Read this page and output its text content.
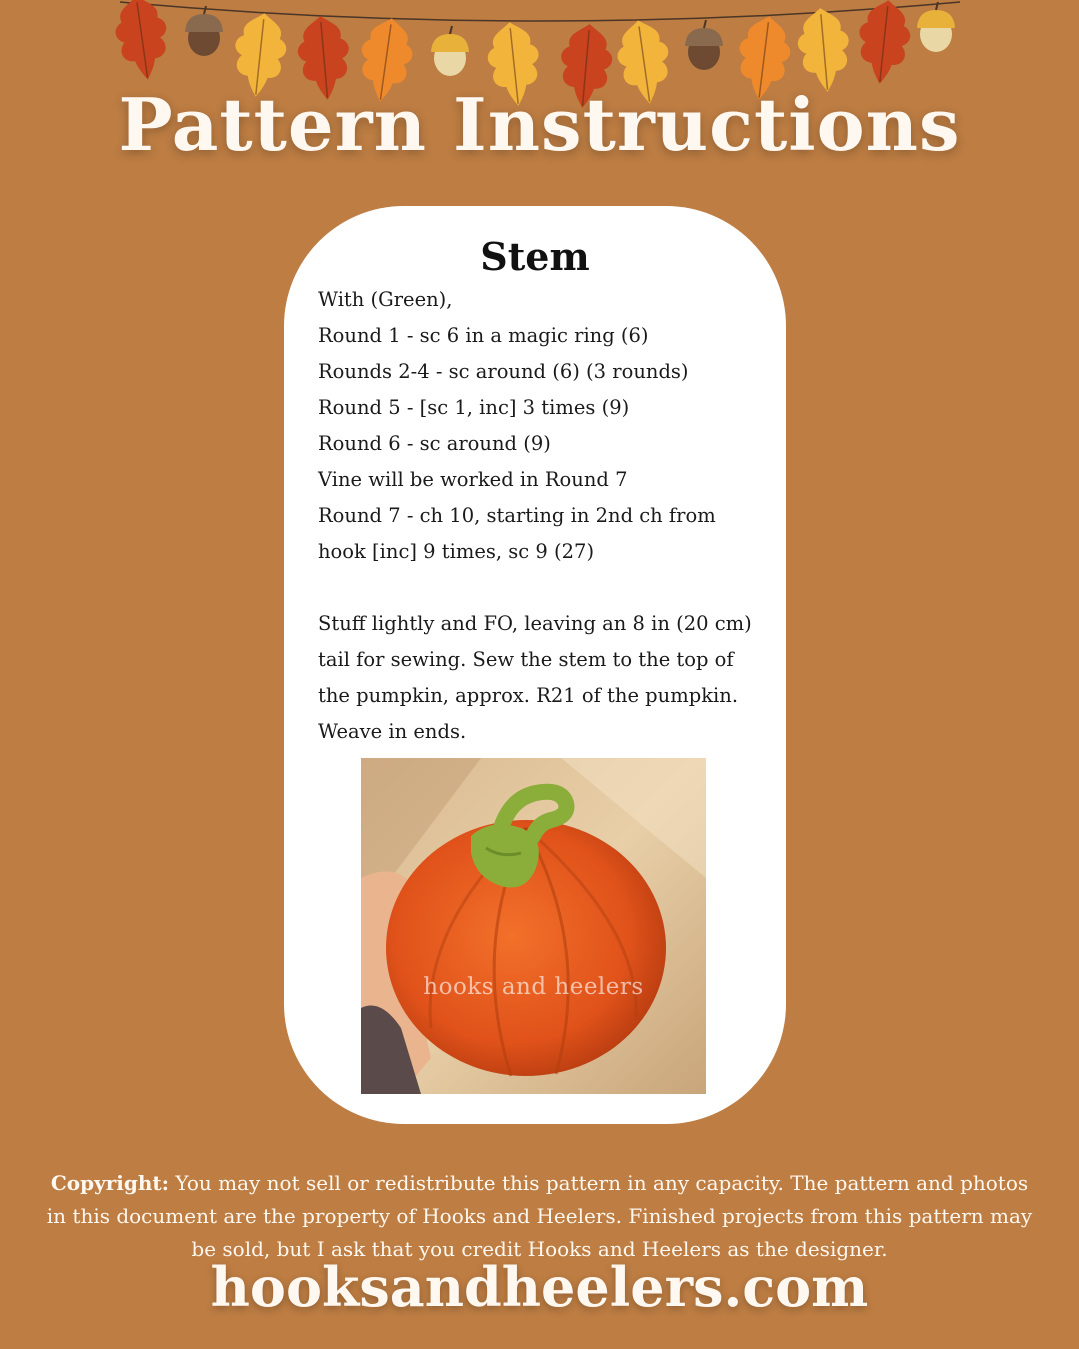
Pattern Instructions
Stem
With (Green),
Round 1 - sc 6 in a magic ring (6)
Rounds 2-4 - sc around (6) (3 rounds)
Round 5 - [sc 1, inc] 3 times (9)
Round 6 - sc around (9)
Vine will be worked in Round 7
Round 7 - ch 10, starting in 2nd ch from
hook [inc] 9 times, sc 9 (27)
Stuff lightly and FO, leaving an 8 in (20 cm) tail for sewing. Sew the stem to the top of the pumpkin, approx. R21 of the pumpkin. Weave in ends.
hooks and heelers
Copyright: You may not sell or redistribute this pattern in any capacity. The pattern and photos in this document are the property of Hooks and Heelers. Finished projects from this pattern may be sold, but I ask that you credit Hooks and Heelers as the designer.
hooksandheelers.com
